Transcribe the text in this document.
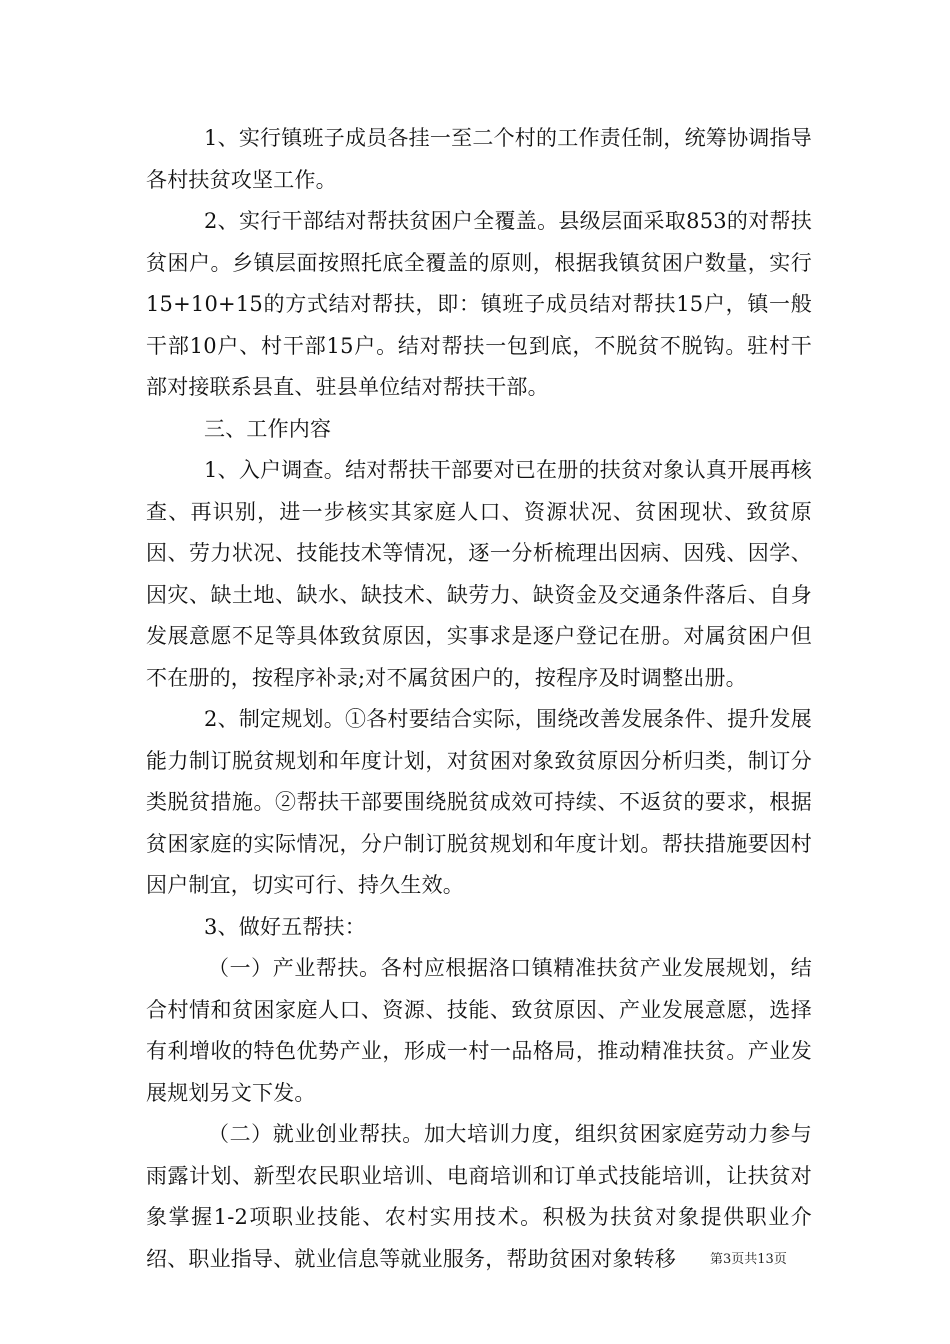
1、实行镇班子成员各挂一至二个村的工作责任制，统筹协调指导各村扶贫攻坚工作。

2、实行干部结对帮扶贫困户全覆盖。县级层面采取853的对帮扶贫困户。乡镇层面按照托底全覆盖的原则，根据我镇贫困户数量，实行15+10+15的方式结对帮扶，即：镇班子成员结对帮扶15户，镇一般干部10户、村干部15户。结对帮扶一包到底，不脱贫不脱钩。驻村干部对接联系县直、驻县单位结对帮扶干部。

三、工作内容

1、入户调查。结对帮扶干部要对已在册的扶贫对象认真开展再核查、再识别，进一步核实其家庭人口、资源状况、贫困现状、致贫原因、劳力状况、技能技术等情况，逐一分析梳理出因病、因残、因学、因灾、缺土地、缺水、缺技术、缺劳力、缺资金及交通条件落后、自身发展意愿不足等具体致贫原因，实事求是逐户登记在册。对属贫困户但不在册的，按程序补录;对不属贫困户的，按程序及时调整出册。

2、制定规划。①各村要结合实际，围绕改善发展条件、提升发展能力制订脱贫规划和年度计划，对贫困对象致贫原因分析归类，制订分类脱贫措施。②帮扶干部要围绕脱贫成效可持续、不返贫的要求，根据贫困家庭的实际情况，分户制订脱贫规划和年度计划。帮扶措施要因村因户制宜，切实可行、持久生效。

3、做好五帮扶：

（一）产业帮扶。各村应根据洛口镇精准扶贫产业发展规划，结合村情和贫困家庭人口、资源、技能、致贫原因、产业发展意愿，选择有利增收的特色优势产业，形成一村一品格局，推动精准扶贫。产业发展规划另文下发。

（二）就业创业帮扶。加大培训力度，组织贫困家庭劳动力参与雨露计划、新型农民职业培训、电商培训和订单式技能培训，让扶贫对象掌握1-2项职业技能、农村实用技术。积极为扶贫对象提供职业介绍、职业指导、就业信息等就业服务，帮助贫困对象转移	第3页共13页
